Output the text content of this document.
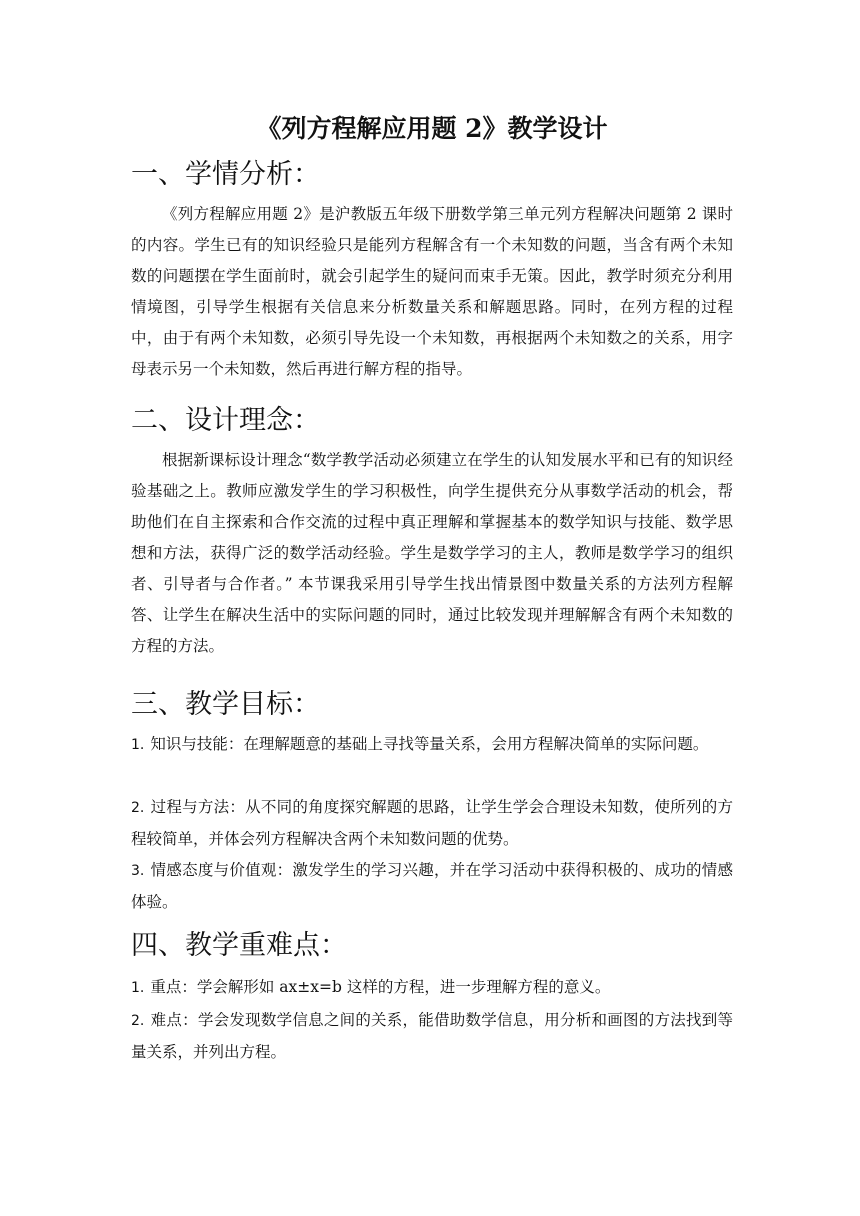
《列方程解应用题 2》教学设计
一、学情分析：
《列方程解应用题 2》是沪教版五年级下册数学第三单元列方程解决问题第 2 课时的内容。学生已有的知识经验只是能列方程解含有一个未知数的问题，当含有两个未知数的问题摆在学生面前时，就会引起学生的疑问而束手无策。因此，教学时须充分利用情境图，引导学生根据有关信息来分析数量关系和解题思路。同时，在列方程的过程中，由于有两个未知数，必须引导先设一个未知数，再根据两个未知数之的关系，用字母表示另一个未知数，然后再进行解方程的指导。
二、设计理念：
根据新课标设计理念“数学教学活动必须建立在学生的认知发展水平和已有的知识经验基础之上。教师应激发学生的学习积极性，向学生提供充分从事数学活动的机会，帮助他们在自主探索和合作交流的过程中真正理解和掌握基本的数学知识与技能、数学思想和方法，获得广泛的数学活动经验。学生是数学学习的主人，教师是数学学习的组织者、引导者与合作者。” 本节课我采用引导学生找出情景图中数量关系的方法列方程解答、让学生在解决生活中的实际问题的同时，通过比较发现并理解解含有两个未知数的方程的方法。
三、教学目标：
1. 知识与技能：在理解题意的基础上寻找等量关系，会用方程解决简单的实际问题。
2. 过程与方法：从不同的角度探究解题的思路，让学生学会合理设未知数，使所列的方程较简单，并体会列方程解决含两个未知数问题的优势。
3. 情感态度与价值观：激发学生的学习兴趣，并在学习活动中获得积极的、成功的情感体验。
四、教学重难点：
1. 重点：学会解形如 ax±x=b 这样的方程，进一步理解方程的意义。
2. 难点：学会发现数学信息之间的关系，能借助数学信息，用分析和画图的方法找到等量关系，并列出方程。
